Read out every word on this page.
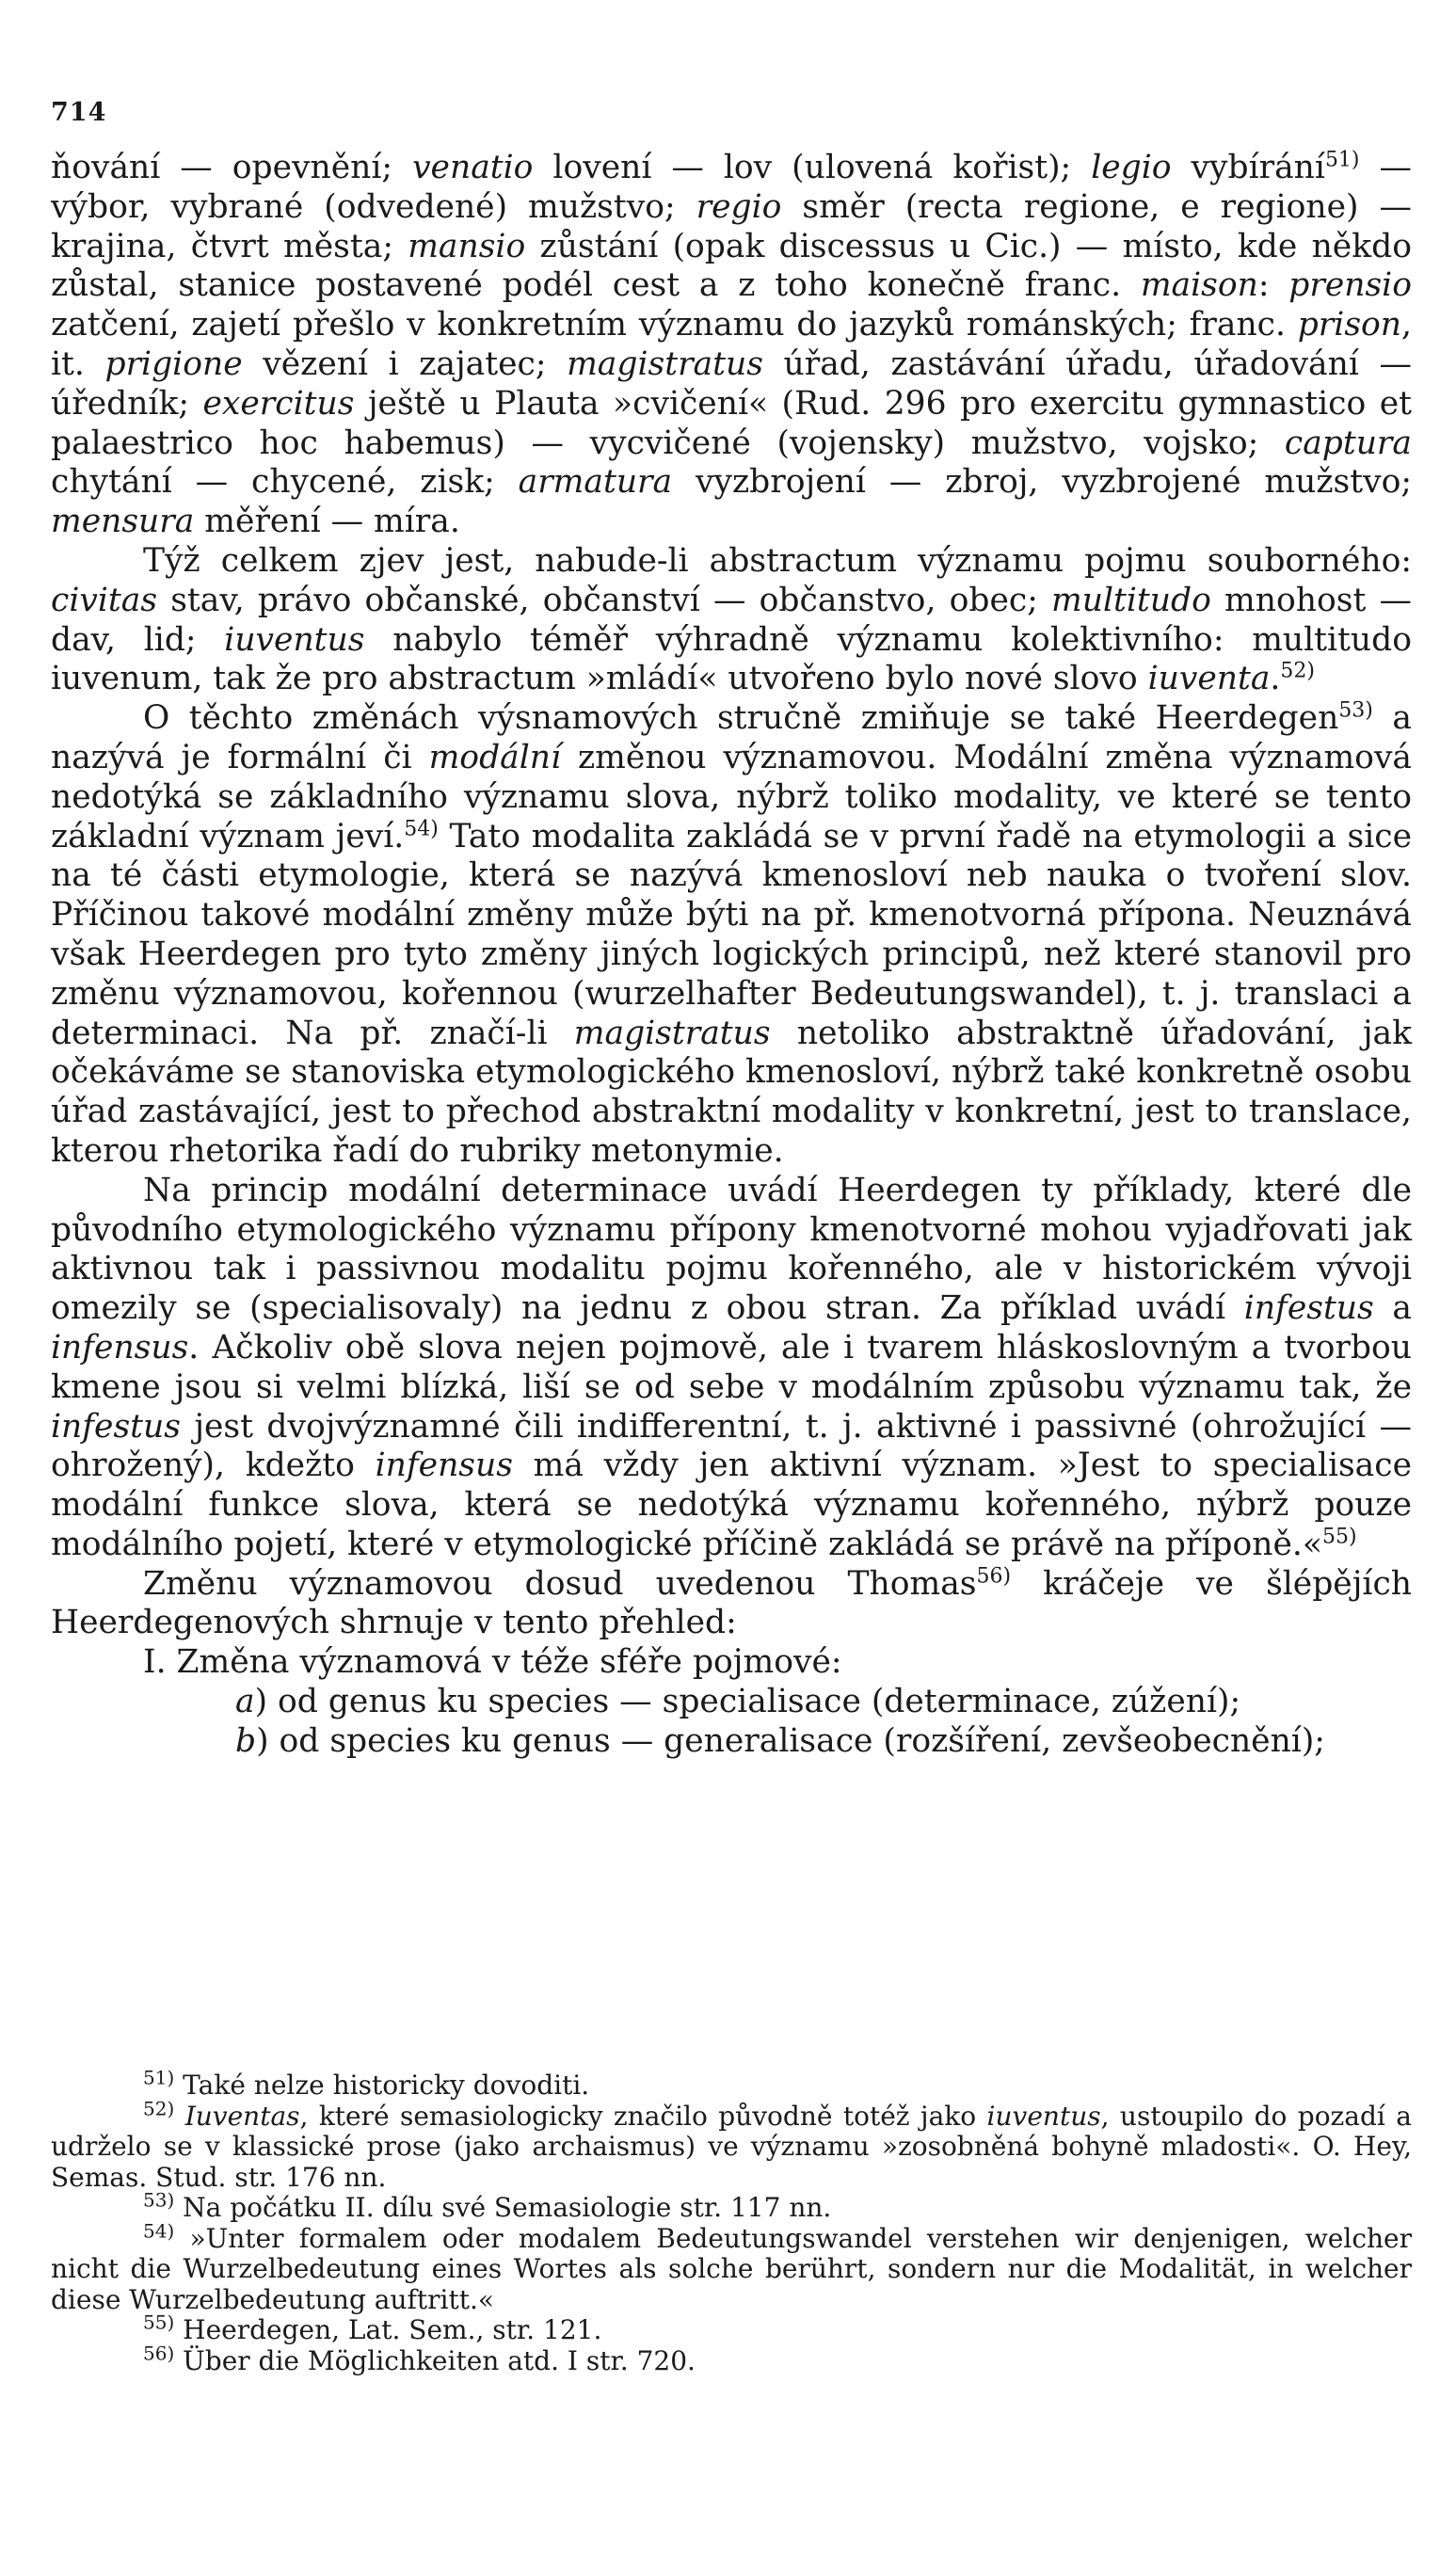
714

ňování — opevnění; venatio lovení — lov (ulovená kořist); legio vybírání$^{51)}$ — výbor, vybrané (odvedené) mužstvo; regio směr (recta regione, e regione) — krajina, čtvrt města; mansio zůstání (opak discessus u Cic.) — místo, kde někdo zůstal, stanice postavené podél cest a z toho konečně franc. maison: prensio zatčení, zajetí přešlo v konkretním významu do jazyků románských; franc. prison, it. prigione vězení i zajatec; magistratus úřad, zastávání úřadu, úřadování — úředník; exercitus ještě u Plauta »cvičení« (Rud. 296 pro exercitu gymnastico et palaestrico hoc habemus) — vycvičené (vojensky) mužstvo, vojsko; captura chytání — chycené, zisk; armatura vyzbrojení — zbroj, vyzbrojené mužstvo; mensura měření — míra.

Týž celkem zjev jest, nabude-li abstractum významu pojmu souborného: civitas stav, právo občanské, občanství — občanstvo, obec; multitudo mnohost — dav, lid; iuventus nabylo téměř výhradně významu kolektivního: multitudo iuvenum, tak že pro abstractum »mládí« utvořeno bylo nové slovo iuventa.$^{52)}$

O těchto změnách výsnamových stručně zmiňuje se také Heerdegen$^{53)}$ a nazývá je formální či modální změnou významovou. Modální změna významová nedotýká se základního významu slova, nýbrž toliko modality, ve které se tento základní význam jeví.$^{54)}$ Tato modalita zakládá se v první řadě na etymologii a sice na té části etymologie, která se nazývá kmenosloví neb nauka o tvoření slov. Příčinou takové modální změny může býti na př. kmenotvorná přípona. Neuznává však Heerdegen pro tyto změny jiných logických principů, než které stanovil pro změnu významovou, kořennou (wurzelhafter Bedeutungswandel), t. j. translaci a determinaci. Na př. značí-li magistratus netoliko abstraktně úřadování, jak očekáváme se stanoviska etymologického kmenosloví, nýbrž také konkretně osobu úřad zastávající, jest to přechod abstraktní modality v konkretní, jest to translace, kterou rhetorika řadí do rubriky metonymie.

Na princip modální determinace uvádí Heerdegen ty příklady, které dle původního etymologického významu přípony kmenotvorné mohou vyjadřovati jak aktivnou tak i passivnou modalitu pojmu kořenného, ale v historickém vývoji omezily se (specialisovaly) na jednu z obou stran. Za příklad uvádí infestus a infensus. Ačkoliv obě slova nejen pojmově, ale i tvarem hláskoslovným a tvorbou kmene jsou si velmi blízká, liší se od sebe v modálním způsobu významu tak, že infestus jest dvojvýznamné čili indifferentní, t. j. aktivné i passivné (ohrožující — ohrožený), kdežto infensus má vždy jen aktivní význam. »Jest to specialisace modální funkce slova, která se nedotýká významu kořenného, nýbrž pouze modálního pojetí, které v etymologické příčině zakládá se právě na příponě.«$^{55)}$

Změnu významovou dosud uvedenou Thomas$^{56)}$ kráčeje ve šlépějích Heerdegenových shrnuje v tento přehled:

I. Změna významová v téže sféře pojmové:

a) od genus ku species — specialisace (determinace, zúžení);

b) od species ku genus — generalisace (rozšíření, zevšeobecnění);

$^{51)}$ Také nelze historicky dovoditi.

$^{52)}$ Iuventas, které semasiologicky značilo původně totéž jako iuventus, ustoupilo do pozadí a udrželo se v klassické prose (jako archaismus) ve významu »zosobněná bohyně mladosti«. O. Hey, Semas. Stud. str. 176 nn.

$^{53)}$ Na počátku II. dílu své Semasiologie str. 117 nn.

$^{54)}$ »Unter formalem oder modalem Bedeutungswandel verstehen wir denjenigen, welcher nicht die Wurzelbedeutung eines Wortes als solche berührt, sondern nur die Modalität, in welcher diese Wurzelbedeutung auftritt.«

$^{55)}$ Heerdegen, Lat. Sem., str. 121.

$^{56)}$ Über die Möglichkeiten atd. I str. 720.
